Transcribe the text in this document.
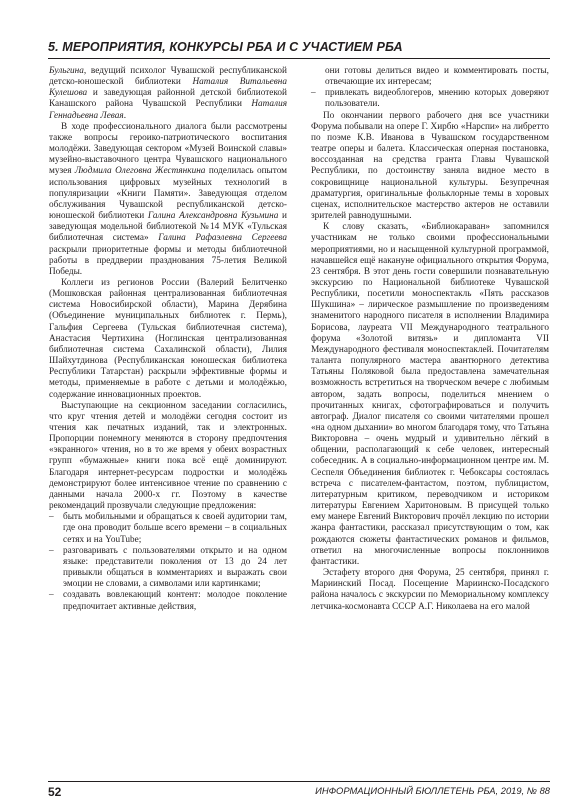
5. МЕРОПРИЯТИЯ, КОНКУРСЫ РБА И С УЧАСТИЕМ РБА

Бульгина, ведущий психолог Чувашской республиканской детско-юношеской библиотеки Наталия Витальевна Кулешова и заведующая районной детской библиотекой Канашского района Чувашской Республики Наталия Геннадьевна Левая.

В ходе профессионального диалога были рассмотрены также вопросы героико-патриотического воспитания молодёжи. Заведующая сектором «Музей Воинской славы» музейно-выставочного центра Чувашского национального музея Людмила Олеговна Жестянкина поделилась опытом использования цифровых музейных технологий в популяризации «Книги Памяти». Заведующая отделом обслуживания Чувашской республиканской детско-юношеской библиотеки Галина Александровна Кузьмина и заведующая модельной библиотекой №14 МУК «Тульская библиотечная система» Галина Рафаэлевна Сергеева раскрыли приоритетные формы и методы библиотечной работы в преддверии празднования 75-летия Великой Победы.

Коллеги из регионов России (Валерий Белитченко (Мошковская районная централизованная библиотечная система Новосибирской области), Марина Дерябина (Объединение муниципальных библиотек г. Пермь), Гальфия Сергеева (Тульская библиотечная система), Анастасия Чертихина (Ноглинская централизованная библиотечная система Сахалинской области), Лилия Шайхутдинова (Республиканская юношеская библиотека Республики Татарстан) раскрыли эффективные формы и методы, применяемые в работе с детьми и молодёжью, содержание инновационных проектов.

Выступающие на секционном заседании согласились, что круг чтения детей и молодёжи сегодня состоит из чтения как печатных изданий, так и электронных. Пропорции понемногу меняются в сторону предпочтения «экранного» чтения, но в то же время у обеих возрастных групп «бумажные» книги пока всё ещё доминируют. Благодаря интернет-ресурсам подростки и молодёжь демонстрируют более интенсивное чтение по сравнению с данными начала 2000-х гг. Поэтому в качестве рекомендаций прозвучали следующие предложения:

– быть мобильными и обращаться к своей аудитории там, где она проводит больше всего времени – в социальных сетях и на YouTube;
– разговаривать с пользователями открыто и на одном языке: представители поколения от 13 до 24 лет привыкли общаться в комментариях и выражать свои эмоции не словами, а символами или картинками;
– создавать вовлекающий контент: молодое поколение предпочитает активные действия,
они готовы делиться видео и комментировать посты, отвечающие их интересам;
– привлекать видеоблогеров, мнению которых доверяют пользователи.

По окончании первого рабочего дня все участники Форума побывали на опере Г. Хирбю «Нарспи» на либретто по поэме К.В. Иванова в Чувашском государственном театре оперы и балета. Классическая оперная постановка, воссозданная на средства гранта Главы Чувашской Республики, по достоинству заняла видное место в сокровищнице национальной культуры. Безупречная драматургия, оригинальные фольклорные темы в хоровых сценах, исполнительское мастерство актеров не оставили зрителей равнодушными.

К слову сказать, «Библиокараван» запомнился участникам не только своими профессиональными мероприятиями, но и насыщенной культурной программой, начавшейся ещё накануне официального открытия Форума, 23 сентября. В этот день гости совершили познавательную экскурсию по Национальной библиотеке Чувашской Республики, посетили моноспектакль «Пять рассказов Шукшина» – лирическое размышление по произведениям знаменитого народного писателя в исполнении Владимира Борисова, лауреата VII Международного театрального форума «Золотой витязь» и дипломанта VII Международного фестиваля моноспектаклей. Почитателям таланта популярного мастера авантюрного детектива Татьяны Поляковой была предоставлена замечательная возможность встретиться на творческом вечере с любимым автором, задать вопросы, поделиться мнением о прочитанных книгах, сфотографироваться и получить автограф. Диалог писателя со своими читателями прошел «на одном дыхании» во многом благодаря тому, что Татьяна Викторовна – очень мудрый и удивительно лёгкий в общении, располагающий к себе человек, интересный собеседник. А в социально-информационном центре им. М. Сеспеля Объединения библиотек г. Чебоксары состоялась встреча с писателем-фантастом, поэтом, публицистом, литературным критиком, переводчиком и историком литературы Евгением Харитоновым. В присущей только ему манере Евгений Викторович прочёл лекцию по истории жанра фантастики, рассказал присутствующим о том, как рождаются сюжеты фантастических романов и фильмов, ответил на многочисленные вопросы поклонников фантастики.

Эстафету второго дня Форума, 25 сентября, принял г. Мариинский Посад. Посещение Мариинско-Посадского района началось с экскурсии по Мемориальному комплексу летчика-космонавта СССР А.Г. Николаева на его малой

52	ИНФОРМАЦИОННЫЙ БЮЛЛЕТЕНЬ РБА, 2019, № 88
